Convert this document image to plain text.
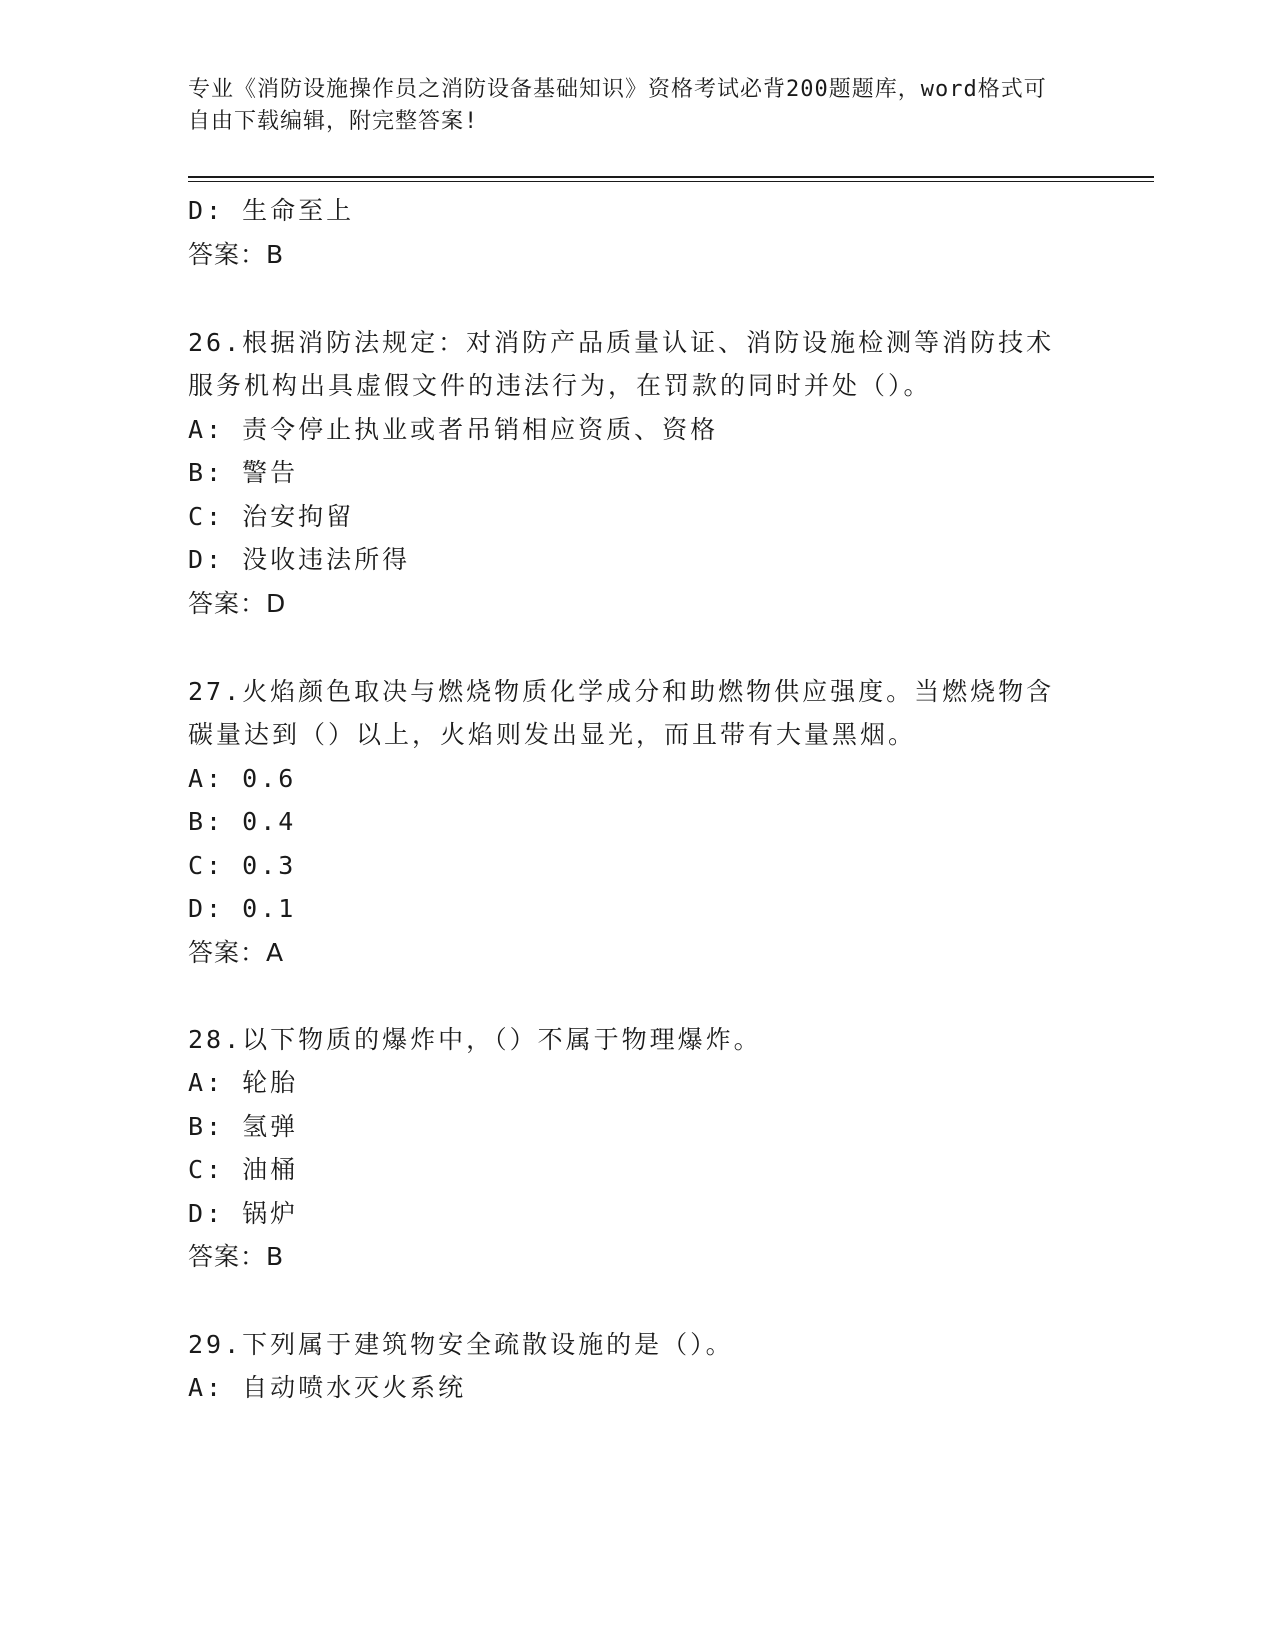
专业《消防设施操作员之消防设备基础知识》资格考试必背200题题库，word格式可自由下载编辑，附完整答案!
D: 生命至上
答案：B
26.根据消防法规定：对消防产品质量认证、消防设施检测等消防技术
服务机构出具虚假文件的违法行为，在罚款的同时并处（）。
A: 责令停止执业或者吊销相应资质、资格
B: 警告
C: 治安拘留
D: 没收违法所得
答案：D
27.火焰颜色取决与燃烧物质化学成分和助燃物供应强度。当燃烧物含
碳量达到（）以上，火焰则发出显光，而且带有大量黑烟。
A: 0.6
B: 0.4
C: 0.3
D: 0.1
答案：A
28.以下物质的爆炸中，（）不属于物理爆炸。
A: 轮胎
B: 氢弹
C: 油桶
D: 锅炉
答案：B
29.下列属于建筑物安全疏散设施的是（）。
A: 自动喷水灭火系统
